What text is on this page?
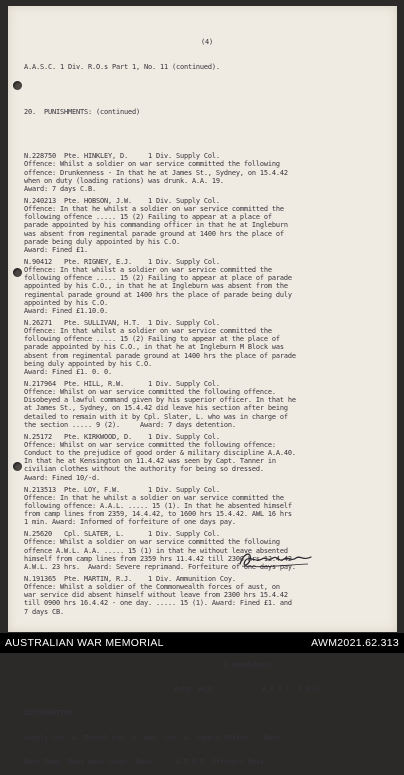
(4)

A.A.S.C. 1 Div. R.O.s Part 1, No. 11 (continued).

20.  PUNISHMENTS: (continued)

N.228750  Pte. HINKLEY, D.     1 Div. Supply Col.
Offence: Whilst a soldier on war service committed the following
offence: Drunkenness - In that he at James St., Sydney, on 15.4.42
when on duty (loading rations) was drunk. A.A. 19.
Award: 7 days C.B.
N.240213  Pte. HOBSON, J.W.    1 Div. Supply Col.
Offence: In that he whilst a soldier on war service committed the
following offence ..... 15 (2) Failing to appear at a place of
parade appointed by his commanding officer in that he at Ingleburn
was absent from regimental parade ground at 1400 hrs the place of
parade being duly appointed by his C.O.
Award: Fined £1.
N.90412   Pte. RIGNEY, E.J.    1 Div. Supply Col.
Offence: In that whilst a soldier on war service committed the
following offence ..... 15 (2) Failing to appear at place of parade
appointed by his C.O., in that he at Ingleburn was absent from the
regimental parade ground at 1400 hrs the place of parade being duly
appointed by his C.O.
Award: Fined £1.10.0.
N.26271   Pte. SULLIVAN, H.T.  1 Div. Supply Col.
Offence: In that whilst a soldier on war service committed the
following offence ..... 15 (2) Failing to appear at the place of
parade appointed by his C.O., in that he at Ingleburn M Block was
absent from regimental parade ground at 1400 hrs the place of parade
being duly appointed by his C.O.
Award: Fined £1. 0. 0.
N.217964  Pte. HILL, R.W.      1 Div. Supply Col.
Offence: Whilst on war service committed the following offence.
Disobeyed a lawful command given by his superior officer. In that he
at James St., Sydney, on 15.4.42 did leave his section after being
detailed to remain with it by Cpl. Slater, L. who was in charge of
the section ..... 9 (2).     Award: 7 days detention.
N.25172   Pte. KIRKWOOD, D.    1 Div. Supply Col.
Offence: Whilst on war service committed the following offence:
Conduct to the prejudice of good order & military discipline A.A.40.
In that he at Kensington on 11.4.42 was seen by Capt. Tanner in
civilian clothes without the authority for being so dressed.
Award: Fined 10/-d.
N.213513  Pte. LOY, F.W.       1 Div. Supply Col.
Offence: In that he whilst a soldier on war service committed the
following offence: A.A.L. ..... 15 (1). In that he absented himself
from camp lines from 2359, 14.4.42, to 1600 hrs 15.4.42. AWL 16 hrs
1 min. Award: Informed of forfeiture of one days pay.
N.25620   Cpl. SLATER, L.      1 Div. Supply Col.
Offence: Whilst a soldier on war service committed the following
offence A.W.L. A.A. ..... 15 (1) in that he without leave absented
himself from camp lines from 2359 hrs 11.4.42 till 2300 hrs 12.4.42
A.W.L. 23 hrs.  Award: Severe reprimand. Forfeiture of one days pay.
N.191365  Pte. MARTIN, R.J.    1 Div. Ammunition Coy.
Offence: Whilst a soldier of the Commonwealth forces of aust, on
war service did absent himself without leave from 2300 hrs 15.4.42
till 0900 hrs 16.4.42 - one day. ..... 15 (1). Award: Fined £1. and
7 days CB.

(G.Donaldson)

Actg. Adjt. ......... A.A.S.C. 1 Div.

DISTRIBUTION:

Supply Col. 6. Petrol Coy. 6. Amn. Coy. 6. Supply Office.   Mans

Main Dump. Mans Haus (Sup). Mans .... O.P.M.R. Officers Mess.

AUSTRALIAN WAR MEMORIAL	AWM2021.62.313
